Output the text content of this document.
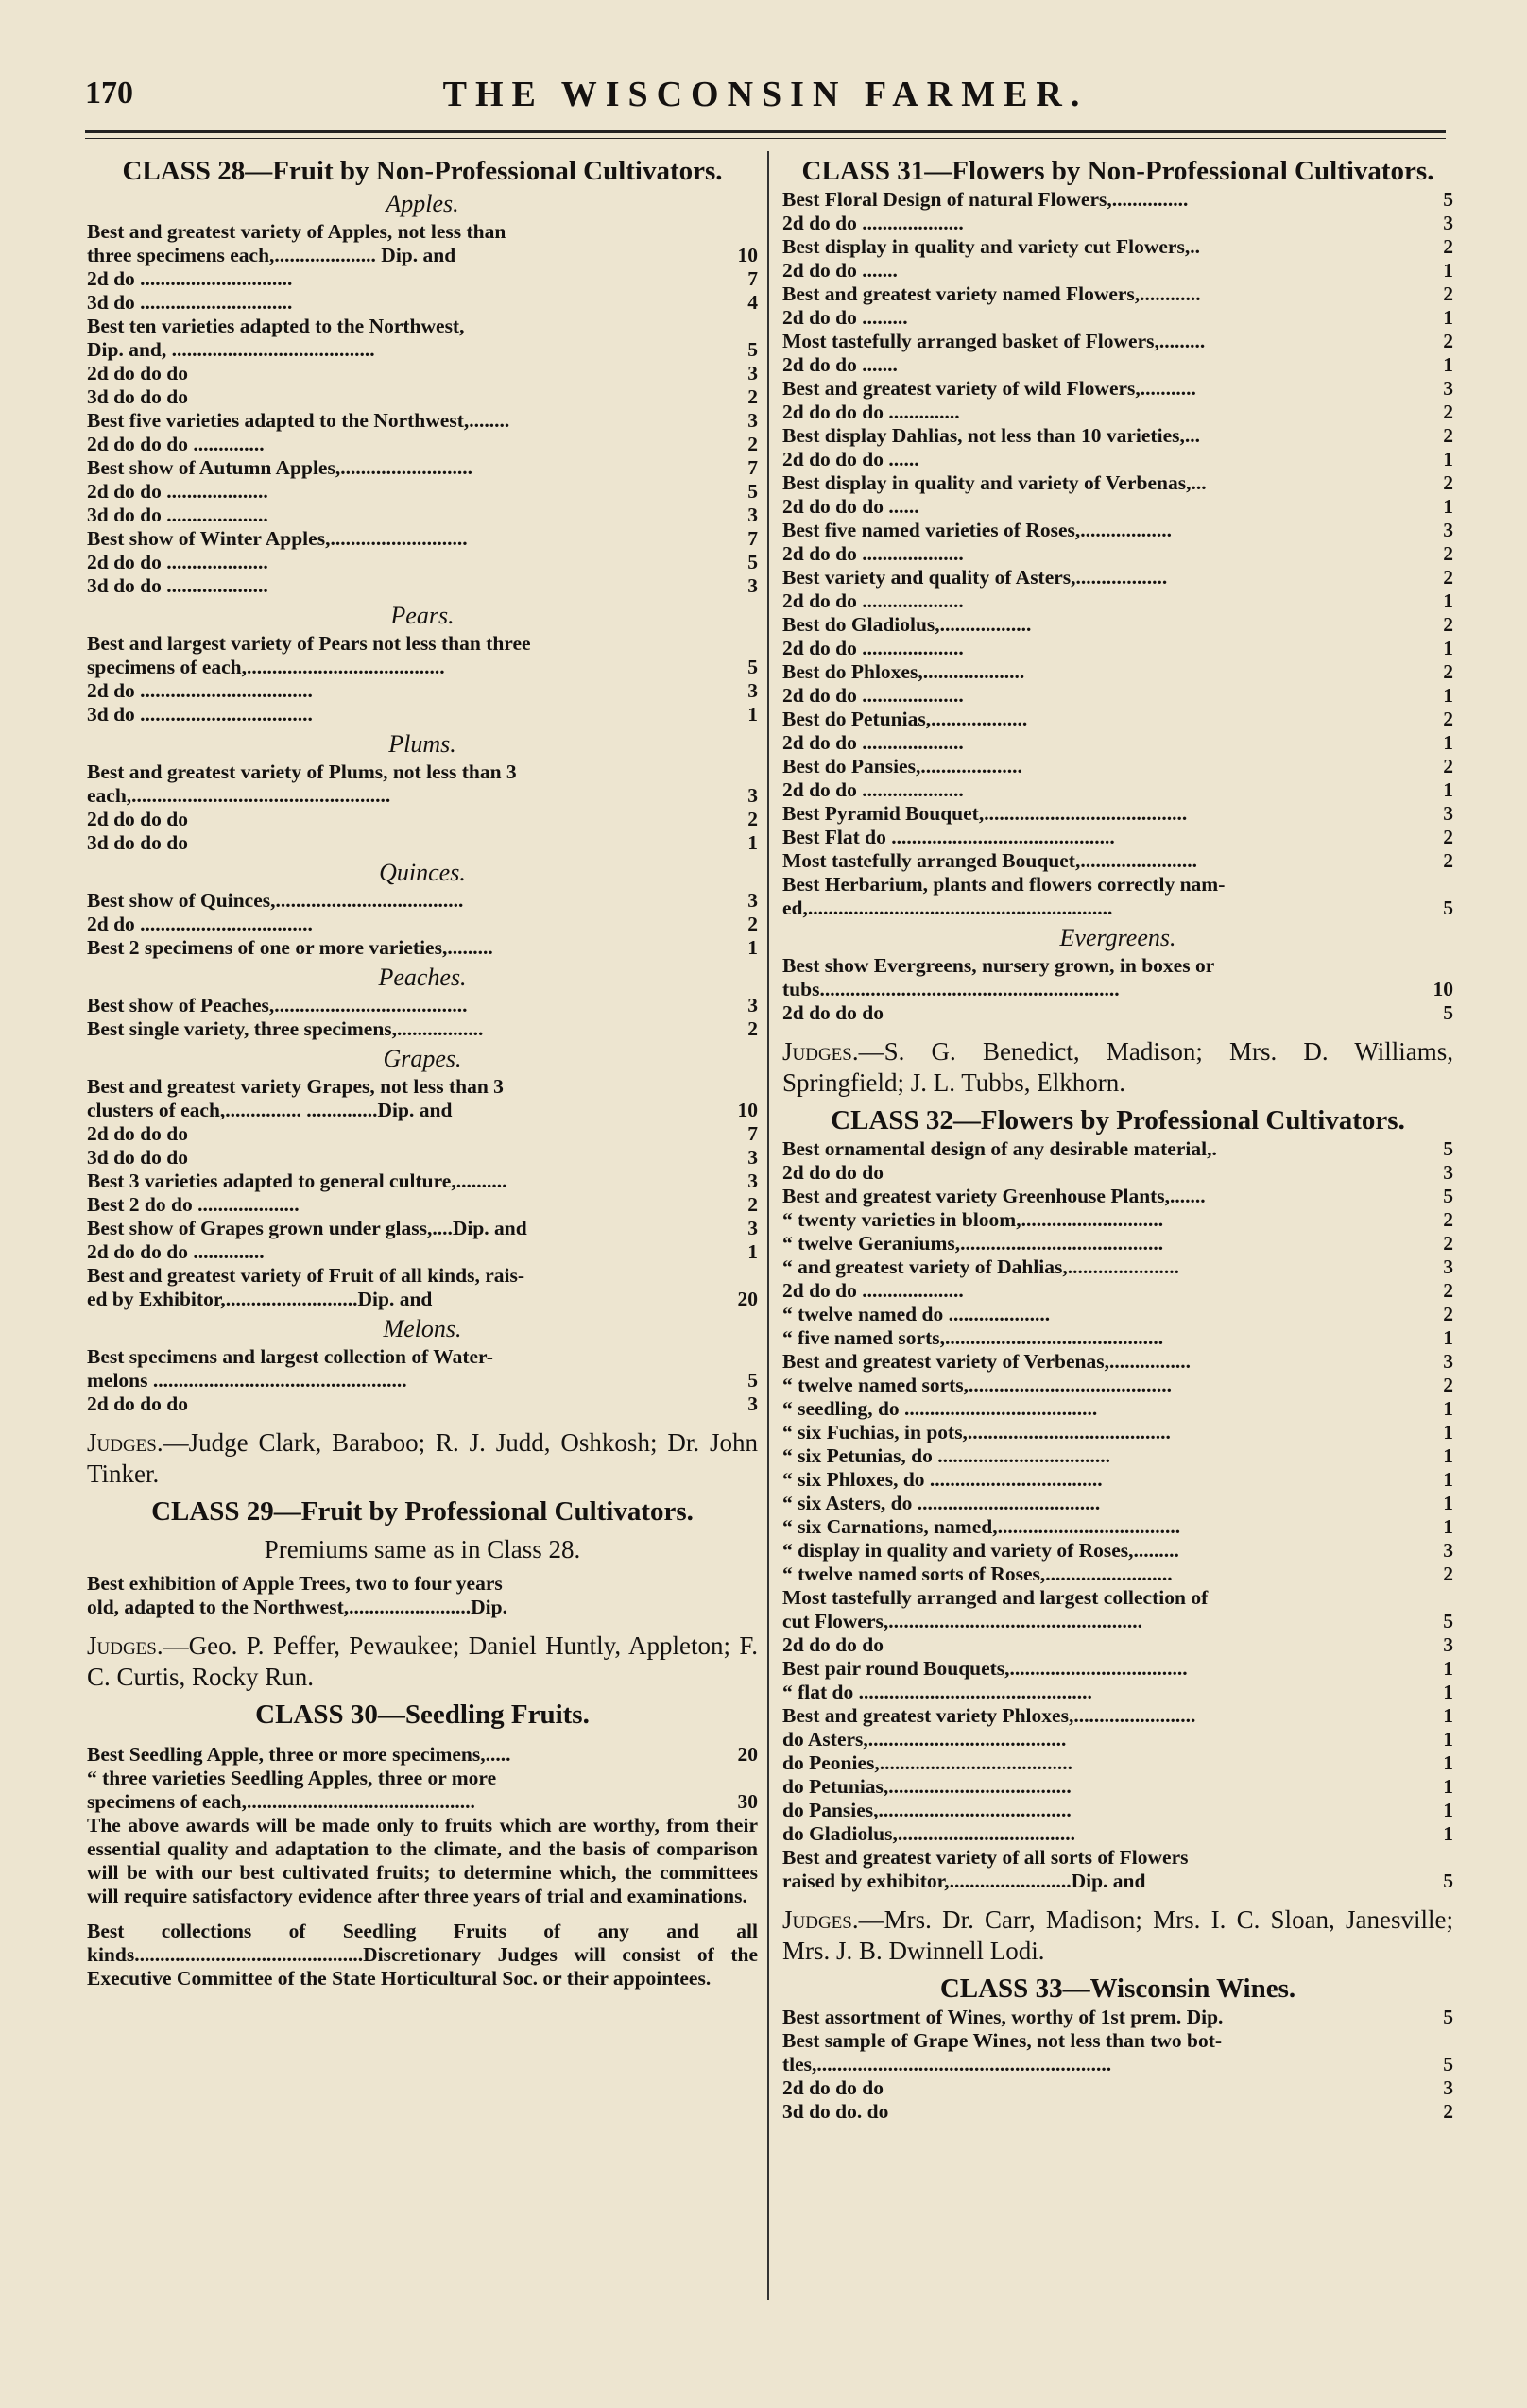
170	THE WISCONSIN FARMER.
CLASS 28—Fruit by Non-Professional Cultivators.
Apples.
Best and greatest variety of Apples, not less than
three specimens each,.................... Dip. and	10
2d do ..............................	7
3d do ..............................	4
Best ten varieties adapted to the Northwest,
Dip. and, ........................................	5
2d do do do	3
3d do do do	2
Best five varieties adapted to the Northwest,........	3
2d do do do ..............	2
Best show of Autumn Apples,..........................	7
2d do do ....................	5
3d do do ....................	3
Best show of Winter Apples,...........................	7
2d do do ....................	5
3d do do ....................	3
Pears.
Best and largest variety of Pears not less than three
specimens of each,.......................................	5
2d do ..................................	3
3d do ..................................	1
Plums.
Best and greatest variety of Plums, not less than 3
each,...................................................	3
2d do do do	2
3d do do do	1
Quinces.
Best show of Quinces,.....................................	3
2d do ..................................	2
Best 2 specimens of one or more varieties,.........	1
Peaches.
Best show of Peaches,......................................	3
Best single variety, three specimens,.................	2
Grapes.
Best and greatest variety Grapes, not less than 3
clusters of each,............... ..............Dip. and	10
2d do do do	7
3d do do do	3
Best 3 varieties adapted to general culture,..........	3
Best 2 do do ....................	2
Best show of Grapes grown under glass,....Dip. and	3
2d do do do ..............	1
Best and greatest variety of Fruit of all kinds, rais-
ed by Exhibitor,..........................Dip. and	20
Melons.
Best specimens and largest collection of Water-
melons ..................................................	5
2d do do do	3
Judges.—Judge Clark, Baraboo; R. J. Judd, Oshkosh; Dr. John Tinker.
CLASS 29—Fruit by Professional Cultivators.
Premiums same as in Class 28.
Best exhibition of Apple Trees, two to four years
old, adapted to the Northwest,........................Dip.
Judges.—Geo. P. Peffer, Pewaukee; Daniel Huntly, Appleton; F. C. Curtis, Rocky Run.
CLASS 30—Seedling Fruits.
Best Seedling Apple, three or more specimens,.....	20
“ three varieties Seedling Apples, three or more
specimens of each,.............................................	30
The above awards will be made only to fruits which are worthy, from their essential quality and adaptation to the climate, and the basis of comparison will be with our best cultivated fruits; to determine which, the committees will require satisfactory evidence after three years of trial and examinations.
Best collections of Seedling Fruits of any and all kinds.............................................Discretionary Judges will consist of the Executive Committee of the State Horticultural Soc. or their appointees.
CLASS 31—Flowers by Non-Professional Cultivators.
Best Floral Design of natural Flowers,...............	5
2d do do ....................	3
Best display in quality and variety cut Flowers,..	2
2d do do .......	1
Best and greatest variety named Flowers,............	2
2d do do .........	1
Most tastefully arranged basket of Flowers,.........	2
2d do do .......	1
Best and greatest variety of wild Flowers,...........	3
2d do do do ..............	2
Best display Dahlias, not less than 10 varieties,...	2
2d do do do ......	1
Best display in quality and variety of Verbenas,...	2
2d do do do ......	1
Best five named varieties of Roses,..................	3
2d do do ....................	2
Best variety and quality of Asters,..................	2
2d do do ....................	1
Best do Gladiolus,..................	2
2d do do ....................	1
Best do Phloxes,....................	2
2d do do ....................	1
Best do Petunias,...................	2
2d do do ....................	1
Best do Pansies,....................	2
2d do do ....................	1
Best Pyramid Bouquet,........................................	3
Best Flat do ............................................	2
Most tastefully arranged Bouquet,.......................	2
Best Herbarium, plants and flowers correctly nam-
ed,............................................................	5
Evergreens.
Best show Evergreens, nursery grown, in boxes or
tubs...........................................................	10
2d do do do	5
Judges.—S. G. Benedict, Madison; Mrs. D. Williams, Springfield; J. L. Tubbs, Elkhorn.
CLASS 32—Flowers by Professional Cultivators.
Best ornamental design of any desirable material,.	5
2d do do do	3
Best and greatest variety Greenhouse Plants,.......	5
“ twenty varieties in bloom,............................	2
“ twelve Geraniums,........................................	2
“ and greatest variety of Dahlias,......................	3
2d do do ....................	2
“ twelve named do ....................	2
“ five named sorts,...........................................	1
Best and greatest variety of Verbenas,................	3
“ twelve named sorts,........................................	2
“ seedling, do ......................................	1
“ six Fuchias, in pots,........................................	1
“ six Petunias, do ..................................	1
“ six Phloxes, do ..................................	1
“ six Asters, do ....................................	1
“ six Carnations, named,....................................	1
“ display in quality and variety of Roses,.........	3
“ twelve named sorts of Roses,.........................	2
Most tastefully arranged and largest collection of
cut Flowers,..................................................	5
2d do do do	3
Best pair round Bouquets,...................................	1
“ flat do ..............................................	1
Best and greatest variety Phloxes,........................	1
do Asters,.......................................	1
do Peonies,......................................	1
do Petunias,....................................	1
do Pansies,......................................	1
do Gladiolus,...................................	1
Best and greatest variety of all sorts of Flowers
raised by exhibitor,........................Dip. and	5
Judges.—Mrs. Dr. Carr, Madison; Mrs. I. C. Sloan, Janesville; Mrs. J. B. Dwinnell Lodi.
CLASS 33—Wisconsin Wines.
Best assortment of Wines, worthy of 1st prem. Dip.	5
Best sample of Grape Wines, not less than two bot-
tles,..........................................................	5
2d do do do	3
3d do do. do	2
